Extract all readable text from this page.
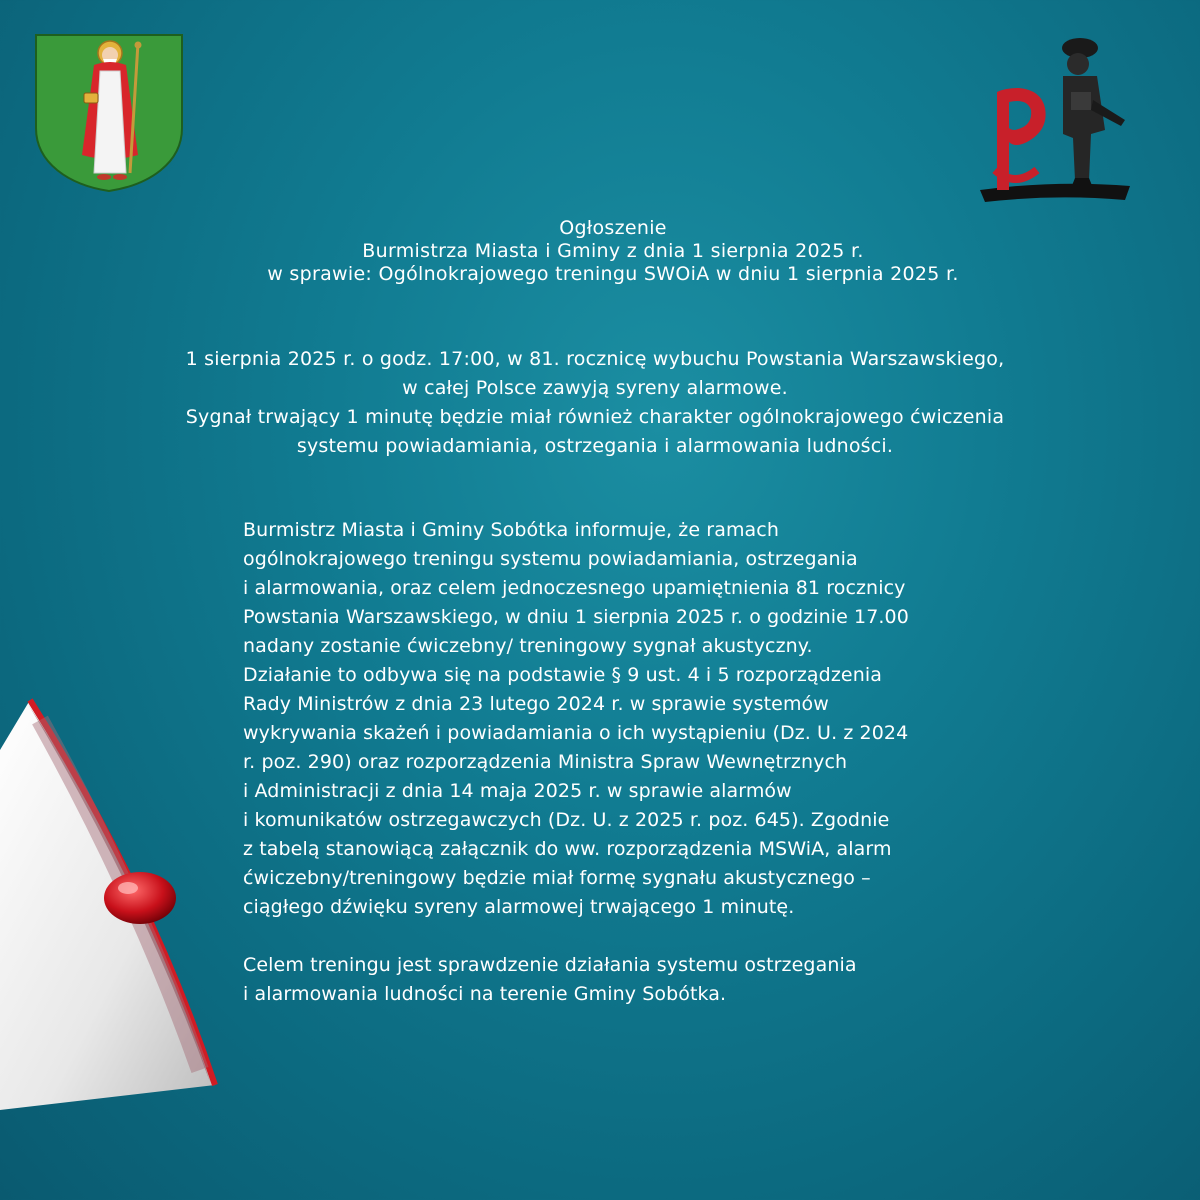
Ogłoszenie
Burmistrza Miasta i Gminy z dnia 1 sierpnia 2025 r.
w sprawie: Ogólnokrajowego treningu SWOiA w dniu 1 sierpnia 2025 r.
1 sierpnia 2025 r. o godz. 17:00, w 81. rocznicę wybuchu Powstania Warszawskiego,
w całej Polsce zawyją syreny alarmowe.
Sygnał trwający 1 minutę będzie miał również charakter ogólnokrajowego ćwiczenia
systemu powiadamiania, ostrzegania i alarmowania ludności.
Burmistrz Miasta i Gminy Sobótka informuje, że ramach
ogólnokrajowego treningu systemu powiadamiania, ostrzegania
i alarmowania, oraz celem jednoczesnego upamiętnienia 81 rocznicy
Powstania Warszawskiego, w dniu 1 sierpnia 2025 r. o godzinie 17.00
nadany zostanie ćwiczebny/ treningowy sygnał akustyczny.
Działanie to odbywa się na podstawie § 9 ust. 4 i 5 rozporządzenia
Rady Ministrów z dnia 23 lutego 2024 r. w sprawie systemów
wykrywania skażeń i powiadamiania o ich wystąpieniu (Dz. U. z 2024
r. poz. 290) oraz rozporządzenia Ministra Spraw Wewnętrznych
i Administracji z dnia 14 maja 2025 r. w sprawie alarmów
i komunikatów ostrzegawczych (Dz. U. z 2025 r. poz. 645). Zgodnie
z tabelą stanowiącą załącznik do ww. rozporządzenia MSWiA, alarm
ćwiczebny/treningowy będzie miał formę sygnału akustycznego –
ciągłego dźwięku syreny alarmowej trwającego 1 minutę.
Celem treningu jest sprawdzenie działania systemu ostrzegania
i alarmowania ludności na terenie Gminy Sobótka.
